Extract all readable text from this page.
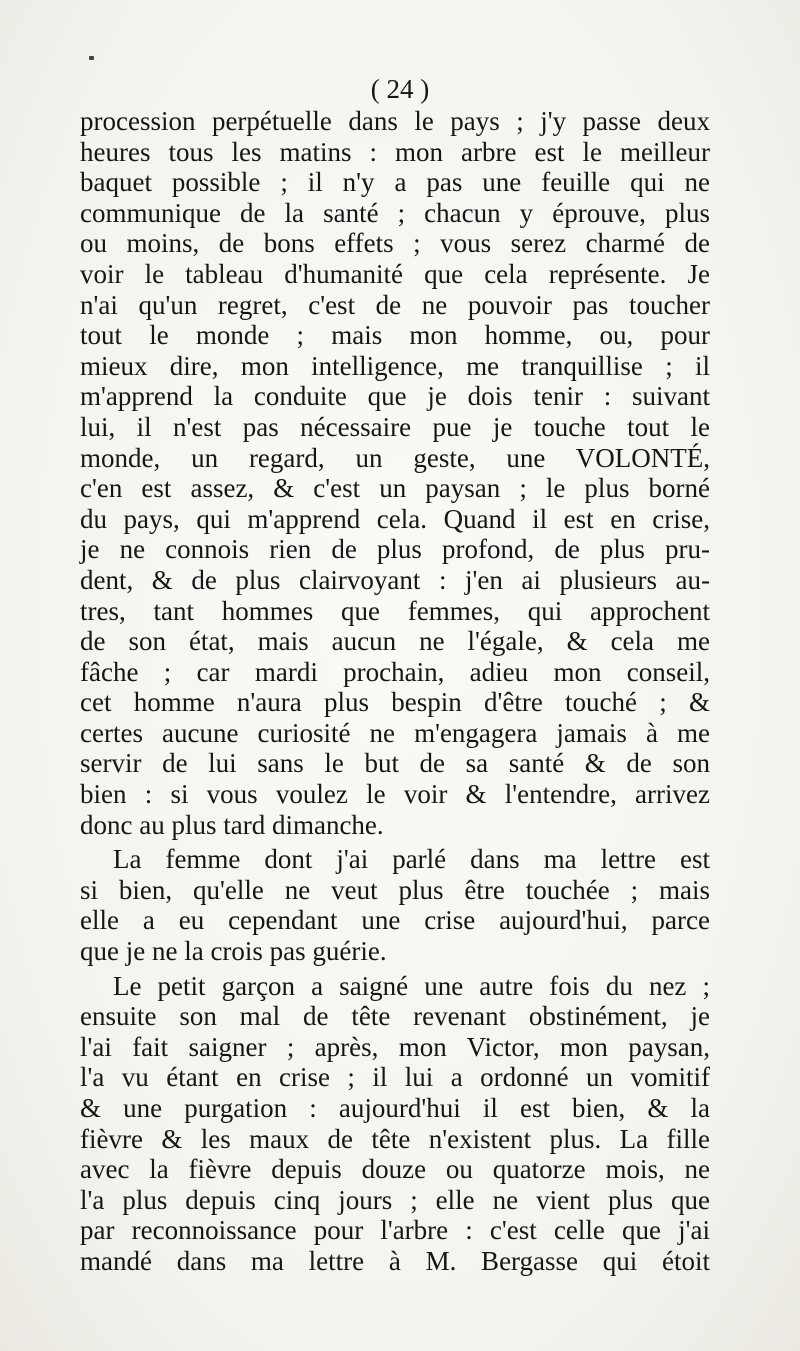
( 24 )
procession perpétuelle dans le pays ; j'y passe deux
heures tous les matins : mon arbre est le meilleur
baquet possible ; il n'y a pas une feuille qui ne
communique de la santé ; chacun y éprouve, plus
ou moins, de bons effets ; vous serez charmé de
voir le tableau d'humanité que cela représente. Je
n'ai qu'un regret, c'est de ne pouvoir pas toucher
tout le monde ; mais mon homme, ou, pour
mieux dire, mon intelligence, me tranquillise ; il
m'apprend la conduite que je dois tenir : suivant
lui, il n'est pas nécessaire pue je touche tout le
monde, un regard, un geste, une VOLONTÉ,
c'en est assez, & c'est un paysan ; le plus borné
du pays, qui m'apprend cela. Quand il est en crise,
je ne connois rien de plus profond, de plus pru-
dent, & de plus clairvoyant : j'en ai plusieurs au-
tres, tant hommes que femmes, qui approchent
de son état, mais aucun ne l'égale, & cela me
fâche ; car mardi prochain, adieu mon conseil,
cet homme n'aura plus bespin d'être touché ; &
certes aucune curiosité ne m'engagera jamais à me
servir de lui sans le but de sa santé & de son
bien : si vous voulez le voir & l'entendre, arrivez
donc au plus tard dimanche.
La femme dont j'ai parlé dans ma lettre est
si bien, qu'elle ne veut plus être touchée ; mais
elle a eu cependant une crise aujourd'hui, parce
que je ne la crois pas guérie.
Le petit garçon a saigné une autre fois du nez ;
ensuite son mal de tête revenant obstinément, je
l'ai fait saigner ; après, mon Victor, mon paysan,
l'a vu étant en crise ; il lui a ordonné un vomitif
& une purgation : aujourd'hui il est bien, & la
fièvre & les maux de tête n'existent plus. La fille
avec la fièvre depuis douze ou quatorze mois, ne
l'a plus depuis cinq jours ; elle ne vient plus que
par reconnoissance pour l'arbre : c'est celle que j'ai
mandé dans ma lettre à M. Bergasse qui étoit
